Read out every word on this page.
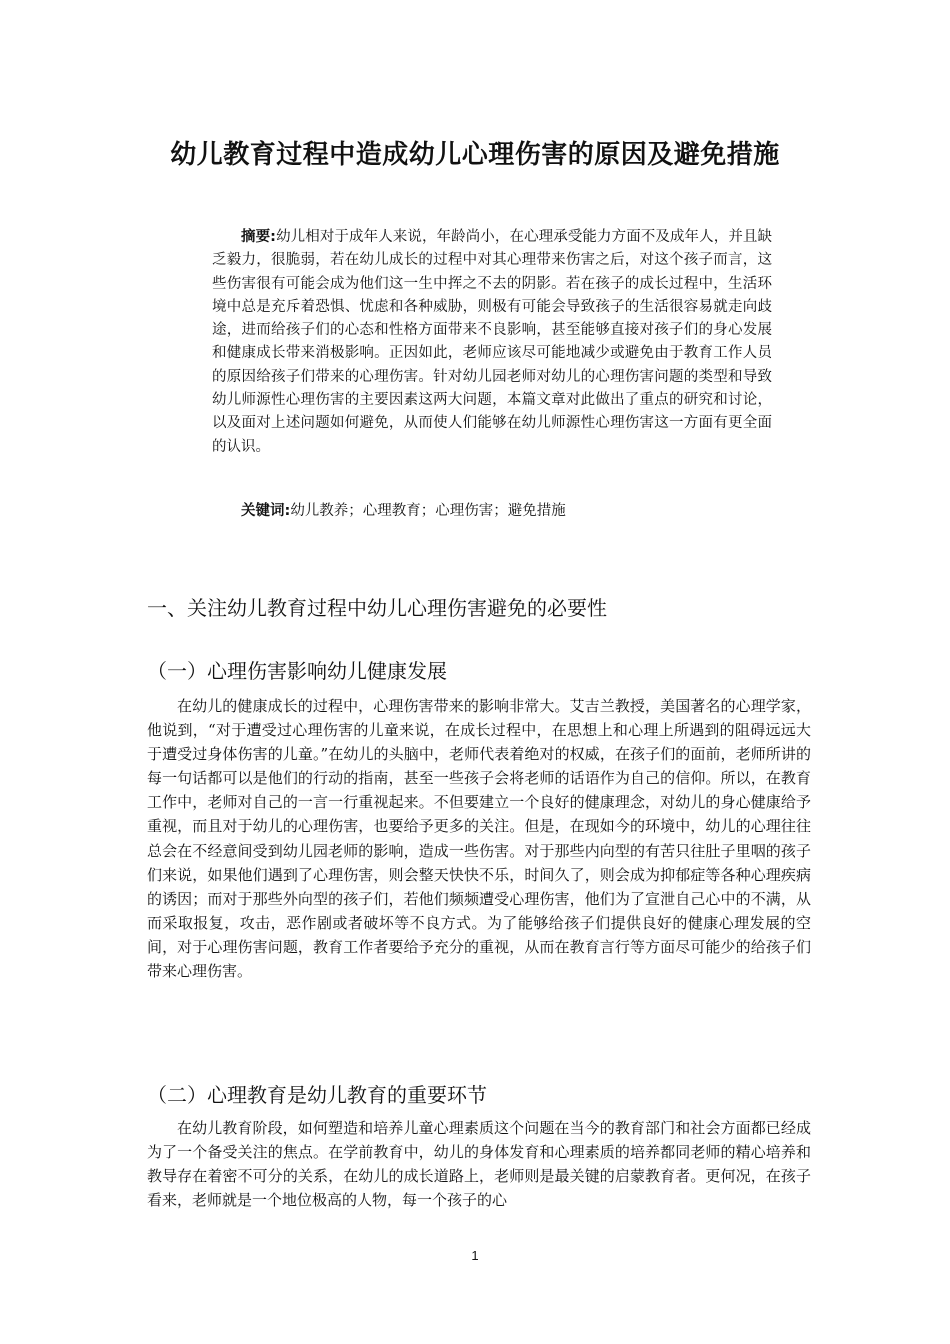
幼儿教育过程中造成幼儿心理伤害的原因及避免措施
摘要:幼儿相对于成年人来说，年龄尚小，在心理承受能力方面不及成年人，并且缺乏毅力，很脆弱，若在幼儿成长的过程中对其心理带来伤害之后，对这个孩子而言，这些伤害很有可能会成为他们这一生中挥之不去的阴影。若在孩子的成长过程中，生活环境中总是充斥着恐惧、忧虑和各种威胁，则极有可能会导致孩子的生活很容易就走向歧途，进而给孩子们的心态和性格方面带来不良影响，甚至能够直接对孩子们的身心发展和健康成长带来消极影响。正因如此，老师应该尽可能地减少或避免由于教育工作人员的原因给孩子们带来的心理伤害。针对幼儿园老师对幼儿的心理伤害问题的类型和导致幼儿师源性心理伤害的主要因素这两大问题，本篇文章对此做出了重点的研究和讨论，以及面对上述问题如何避免，从而使人们能够在幼儿师源性心理伤害这一方面有更全面的认识。
关键词:幼儿教养；心理教育；心理伤害；避免措施
一、关注幼儿教育过程中幼儿心理伤害避免的必要性
（一）心理伤害影响幼儿健康发展
在幼儿的健康成长的过程中，心理伤害带来的影响非常大。艾吉兰教授，美国著名的心理学家，他说到，“对于遭受过心理伤害的儿童来说，在成长过程中，在思想上和心理上所遇到的阻碍远远大于遭受过身体伤害的儿童。”在幼儿的头脑中，老师代表着绝对的权威，在孩子们的面前，老师所讲的每一句话都可以是他们的行动的指南，甚至一些孩子会将老师的话语作为自己的信仰。所以，在教育工作中，老师对自己的一言一行重视起来。不但要建立一个良好的健康理念，对幼儿的身心健康给予重视，而且对于幼儿的心理伤害，也要给予更多的关注。但是，在现如今的环境中，幼儿的心理往往总会在不经意间受到幼儿园老师的影响，造成一些伤害。对于那些内向型的有苦只往肚子里咽的孩子们来说，如果他们遇到了心理伤害，则会整天快快不乐，时间久了，则会成为抑郁症等各种心理疾病的诱因；而对于那些外向型的孩子们，若他们频频遭受心理伤害，他们为了宣泄自己心中的不满，从而采取报复，攻击，恶作剧或者破坏等不良方式。为了能够给孩子们提供良好的健康心理发展的空间，对于心理伤害问题，教育工作者要给予充分的重视，从而在教育言行等方面尽可能少的给孩子们带来心理伤害。
（二）心理教育是幼儿教育的重要环节
在幼儿教育阶段，如何塑造和培养儿童心理素质这个问题在当今的教育部门和社会方面都已经成为了一个备受关注的焦点。在学前教育中，幼儿的身体发育和心理素质的培养都同老师的精心培养和教导存在着密不可分的关系，在幼儿的成长道路上，老师则是最关键的启蒙教育者。更何况，在孩子看来，老师就是一个地位极高的人物，每一个孩子的心
1
